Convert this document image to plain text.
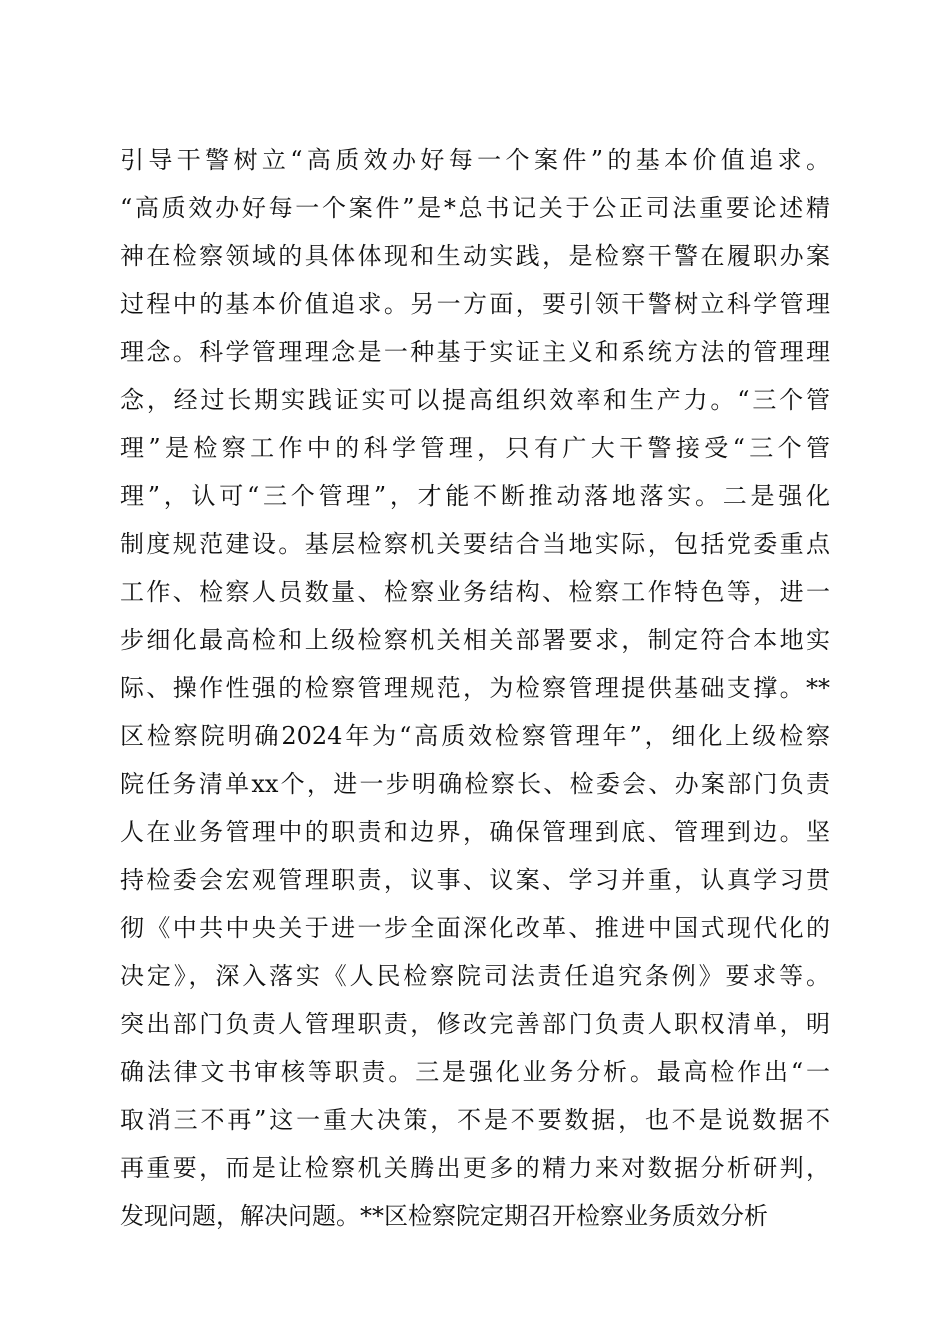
引导干警树立“高质效办好每一个案件”的基本价值追求。
“高质效办好每一个案件”是*总书记关于公正司法重要论述精
神在检察领域的具体体现和生动实践，是检察干警在履职办案
过程中的基本价值追求。另一方面，要引领干警树立科学管理
理念。科学管理理念是一种基于实证主义和系统方法的管理理
念，经过长期实践证实可以提高组织效率和生产力。“三个管
理”是检察工作中的科学管理，只有广大干警接受“三个管
理”，认可“三个管理”，才能不断推动落地落实。二是强化
制度规范建设。基层检察机关要结合当地实际，包括党委重点
工作、检察人员数量、检察业务结构、检察工作特色等，进一
步细化最高检和上级检察机关相关部署要求，制定符合本地实
际、操作性强的检察管理规范，为检察管理提供基础支撑。**
区检察院明确2024年为“高质效检察管理年”，细化上级检察
院任务清单xx个，进一步明确检察长、检委会、办案部门负责
人在业务管理中的职责和边界，确保管理到底、管理到边。坚
持检委会宏观管理职责，议事、议案、学习并重，认真学习贯
彻《中共中央关于进一步全面深化改革、推进中国式现代化的
决定》，深入落实《人民检察院司法责任追究条例》要求等。
突出部门负责人管理职责，修改完善部门负责人职权清单，明
确法律文书审核等职责。三是强化业务分析。最高检作出“一
取消三不再”这一重大决策，不是不要数据，也不是说数据不
再重要，而是让检察机关腾出更多的精力来对数据分析研判，
发现问题，解决问题。**区检察院定期召开检察业务质效分析
